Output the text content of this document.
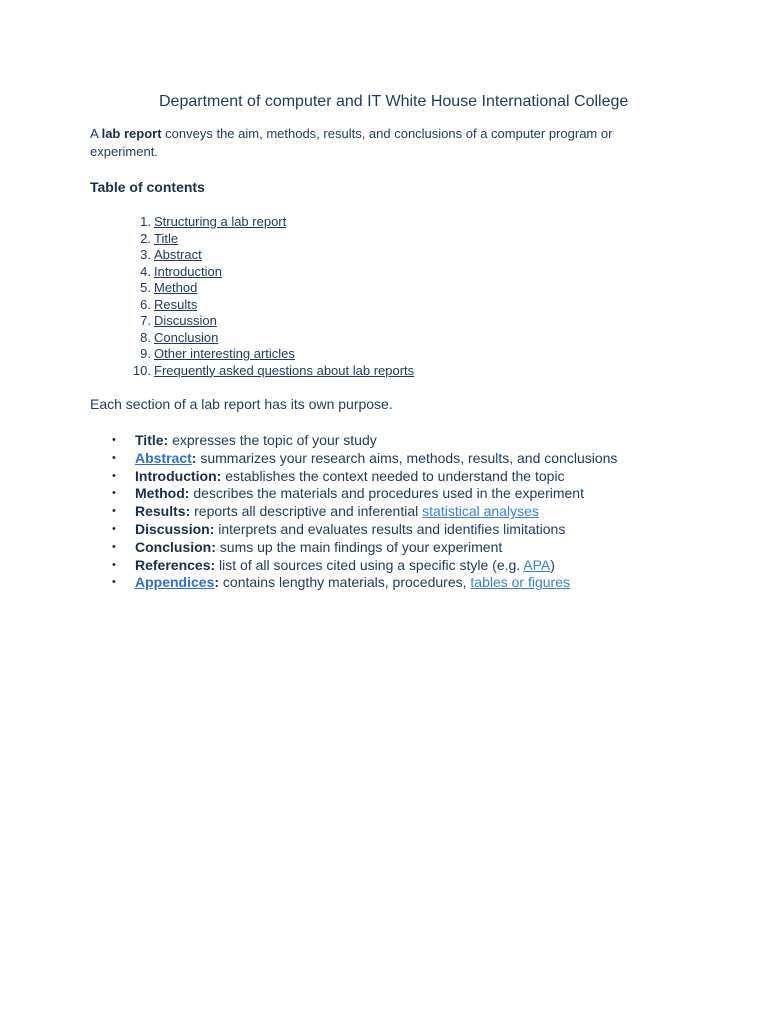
Department of computer and IT White House International College

A lab report conveys the aim, methods, results, and conclusions of a computer program or experiment.

Table of contents
1. Structuring a lab report
2. Title
3. Abstract
4. Introduction
5. Method
6. Results
7. Discussion
8. Conclusion
9. Other interesting articles
10. Frequently asked questions about lab reports
Each section of a lab report has its own purpose.
• Title: expresses the topic of your study
• Abstract: summarizes your research aims, methods, results, and conclusions
• Introduction: establishes the context needed to understand the topic
• Method: describes the materials and procedures used in the experiment
• Results: reports all descriptive and inferential statistical analyses
• Discussion: interprets and evaluates results and identifies limitations
• Conclusion: sums up the main findings of your experiment
• References: list of all sources cited using a specific style (e.g. APA)
• Appendices: contains lengthy materials, procedures, tables or figures
